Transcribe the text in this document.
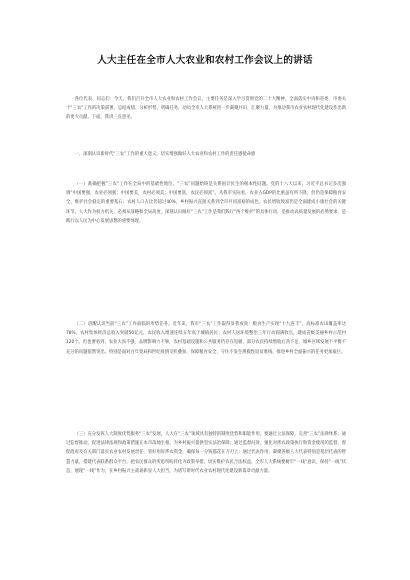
人大主任在全市人大农业和农村工作会议上的讲话

各位代表、同志们：今天，我们召开全市人大农业和农村工作会议，主要任务是深入学习贯彻党的二十大精神，全面落实中央和省委、市委关于“三农”工作的决策部署，总结成绩、分析形势、明确任务，动员全市人大系统进一步凝聚共识、汇聚力量，为推动我市农业农村现代化建设作出新的更大贡献。下面，我讲三点意见。

一、深刻认识新时代“三农”工作的重大意义，切实增强做好人大农业和农村工作的责任感使命感

（一）准确把握“三农”工作在全局中的基础性地位。“三农”问题始终是关系国计民生的根本性问题。党的十八大以来，习近平总书记多次强调“中国要强，农业必须强；中国要美，农村必须美；中国要富，农民必须富”。从我市实际看，农业占GDP的比重虽有所下降，但仍是保障粮食安全、维护社会稳定的重要基石；农村人口占比仍超过40%，乡村振兴直接关系到全市共同富裕的成色。农民增收致富仍是全面建成小康社会的关键环节。人大作为权力机关，必须从战略和全局高度，深刻认识做好“三农”工作是我们践行“两个维护”的具体行动，是推动高质量发展的必然要求，是践行以人民为中心发展思想的重要体现。

（二）清醒认识当前“三农”工作面临的形势任务。近年来，我市“三农”工作取得显著成效：粮食生产实现“十九连丰”，高标准农田覆盖率达78%，农村集体经济总收入突破50亿元，农民收入增速连续五年高于城镇居民；农村人居环境整治三年行动圆满收官，建成省级美丽乡村示范村120个。但也要看到，农业大而不强、品牌影响力不够，农村基础设施和公共服务仍存在短板，部分农民持续增收后劲不足，城乡区域发展不平衡不充分的问题依然突出。特别是面对百年变局和世纪疫情交织叠加，保障粮食安全、守住不发生规模性返贫底线、推进乡村全面振兴的任务更加艰巨。

（三）充分发挥人大制度优势服务“三农”发展。人大在“三农”领域具有独特的制度优势和职能作用。要通过立法保障，完善“三农”法律体系；通过监督推动，促进法律法规和政策措施在本市落地生根，为乡村振兴提供坚实法治保障；通过监督问效，强化对涉农政策执行和资金使用的监督，督促政府及有关部门落实农业农村发展责任，管好用好涉农资金，确保每一分钱都花在刀刃上；通过代表作用，凝聚各级人大代表特别是基层代表的智慧力量，搭建代表联系群众平台，把农民群众的所思所盼转化为政策举措，切实维护农民合法权益。全市人大系统要树牢“一线”意识，保持“一线”状态，展现“一线”作为，在乡村振兴主战场彰显人大担当，为谱写新时代农业农村现代化建设新篇章贡献力量。
